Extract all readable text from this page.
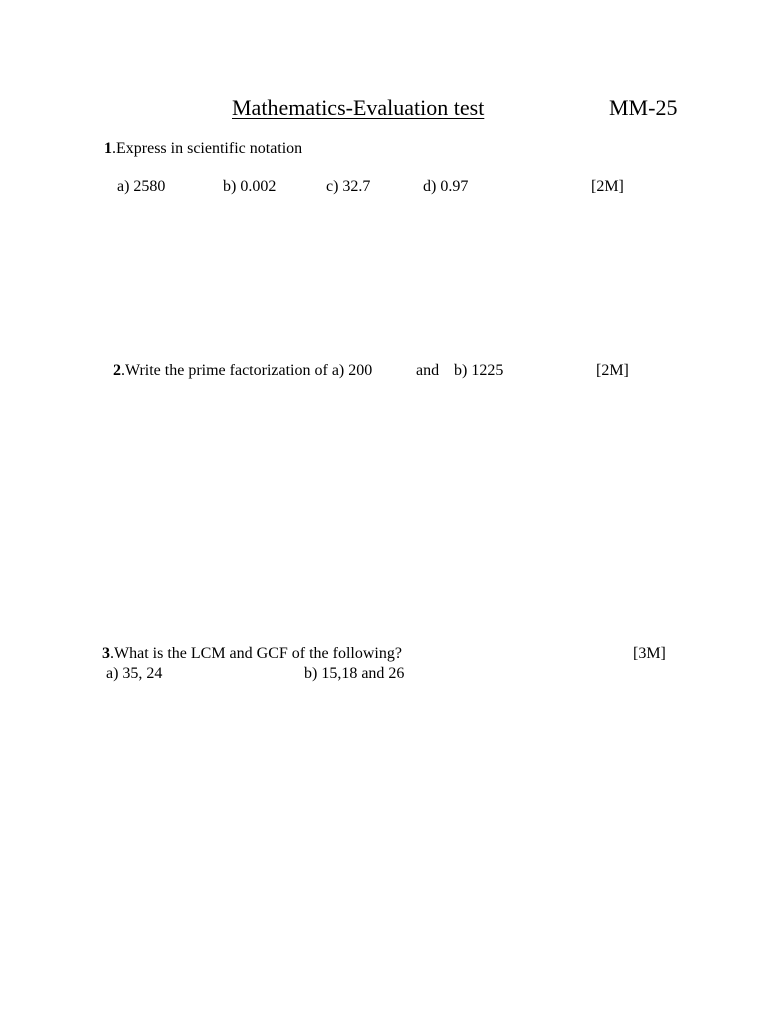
Mathematics-Evaluation test	MM-25
1.Express in scientific notation
a) 2580	b) 0.002	c) 32.7	d) 0.97	[2M]
2.Write the prime factorization of a) 200	and b) 1225	[2M]
3.What is the LCM and GCF of the following?	[3M]
a) 35, 24	b) 15,18 and 26
